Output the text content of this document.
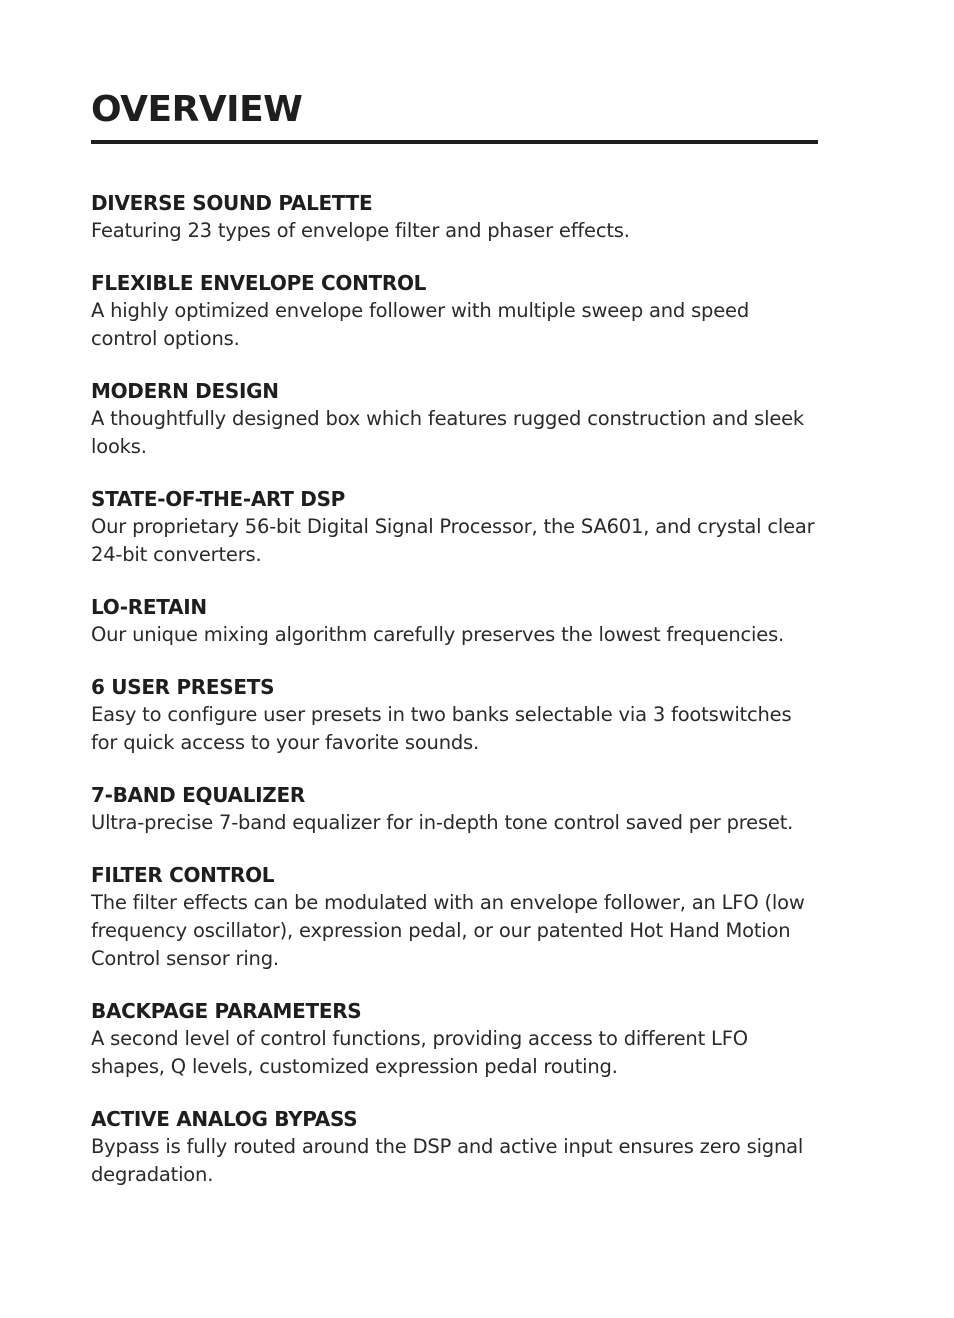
OVERVIEW
DIVERSE SOUND PALETTE
Featuring 23 types of envelope filter and phaser effects.
FLEXIBLE ENVELOPE CONTROL
A highly optimized envelope follower with multiple sweep and speed control options.
MODERN DESIGN
A thoughtfully designed box which features rugged construction and sleek looks.
STATE-OF-THE-ART DSP
Our proprietary 56-bit Digital Signal Processor, the SA601, and crystal clear 24-bit converters.
LO-RETAIN
Our unique mixing algorithm carefully preserves the lowest frequencies.
6 USER PRESETS
Easy to configure user presets in two banks selectable via 3 footswitches for quick access to your favorite sounds.
7-BAND EQUALIZER
Ultra-precise 7-band equalizer for in-depth tone control saved per preset.
FILTER CONTROL
The filter effects can be modulated with an envelope follower, an LFO (low frequency oscillator), expression pedal, or our patented Hot Hand Motion Control sensor ring.
BACKPAGE PARAMETERS
A second level of control functions, providing access to different LFO shapes, Q levels, customized expression pedal routing.
ACTIVE ANALOG BYPASS
Bypass is fully routed around the DSP and active input ensures zero signal degradation.
